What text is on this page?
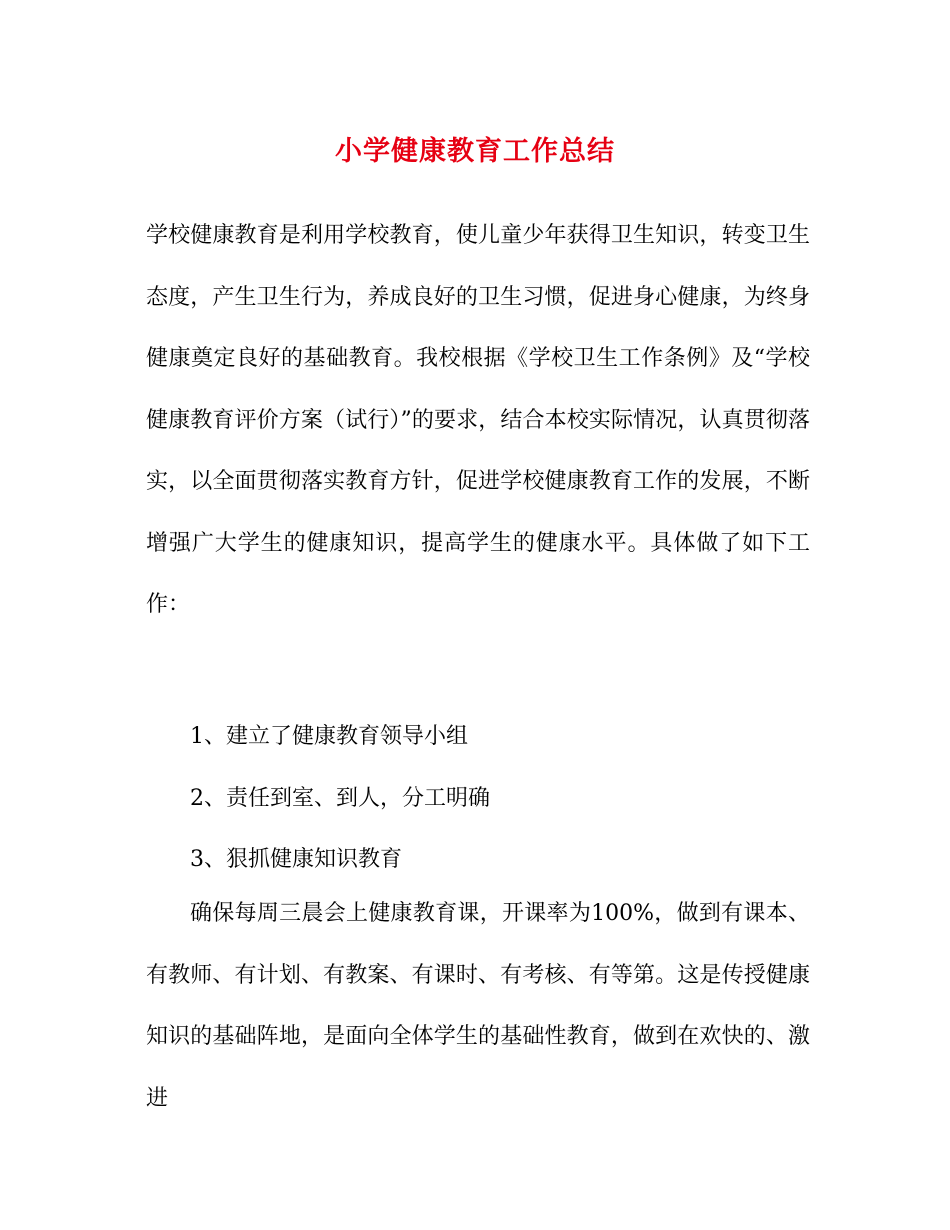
小学健康教育工作总结

学校健康教育是利用学校教育，使儿童少年获得卫生知识，转变卫生态度，产生卫生行为，养成良好的卫生习惯，促进身心健康，为终身健康奠定良好的基础教育。我校根据《学校卫生工作条例》及“学校健康教育评价方案（试行）”的要求，结合本校实际情况，认真贯彻落实，以全面贯彻落实教育方针，促进学校健康教育工作的发展，不断增强广大学生的健康知识，提高学生的健康水平。具体做了如下工作：

1、建立了健康教育领导小组
2、责任到室、到人，分工明确
3、狠抓健康知识教育

确保每周三晨会上健康教育课，开课率为100%，做到有课本、有教师、有计划、有教案、有课时、有考核、有等第。这是传授健康知识的基础阵地，是面向全体学生的基础性教育，做到在欢快的、激进
